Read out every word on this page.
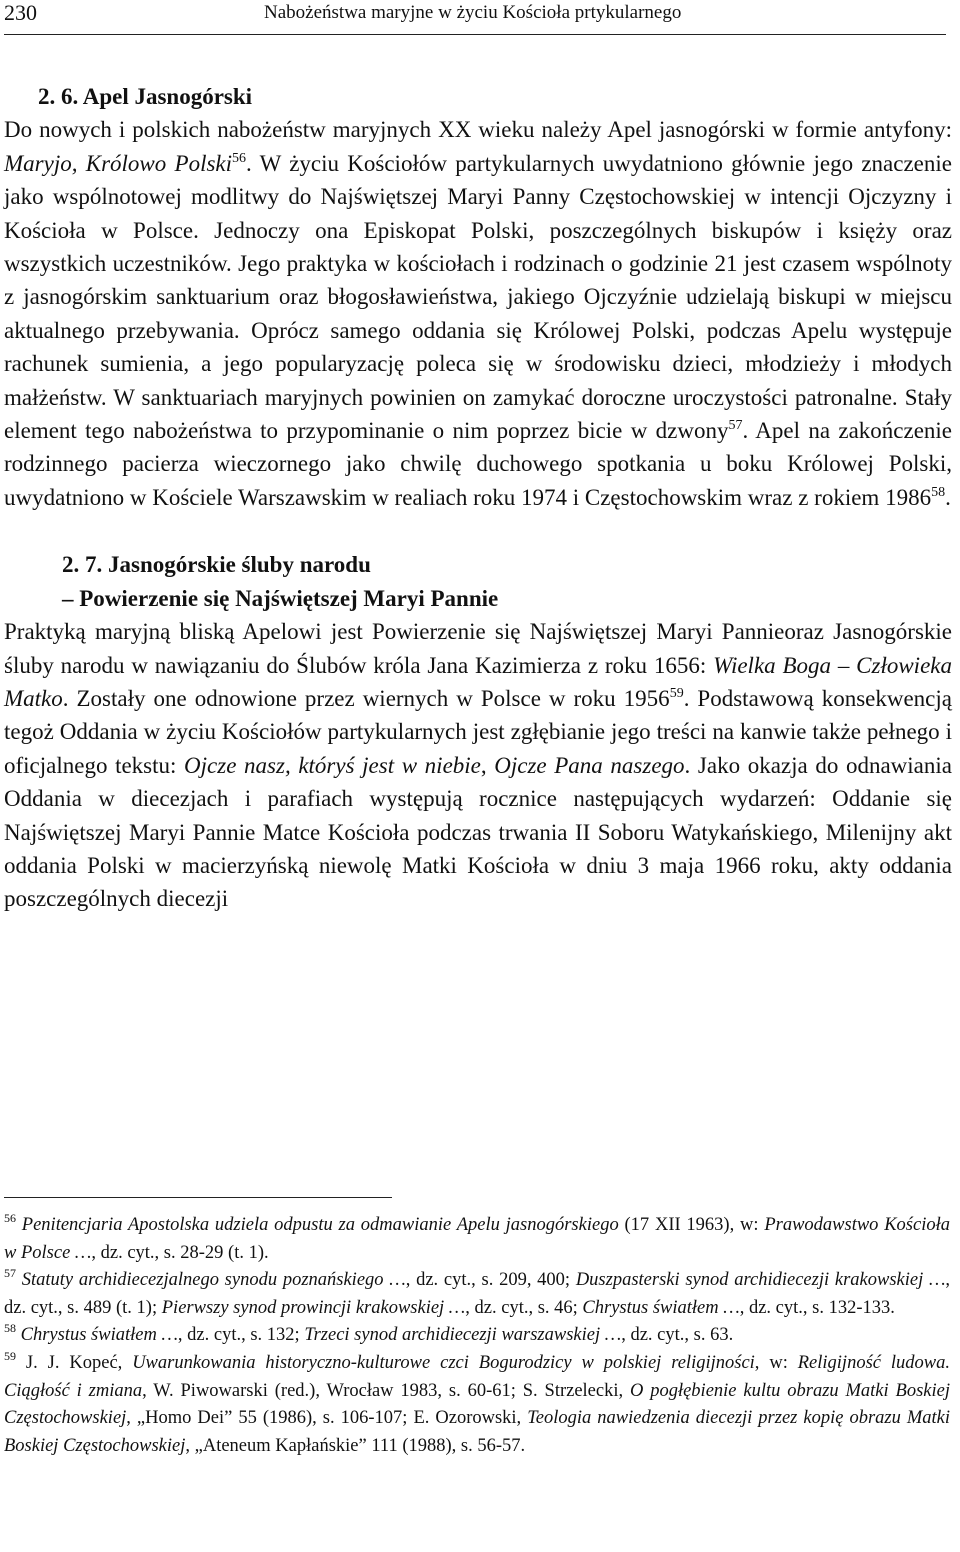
230	Nabożeństwa maryjne w życiu Kościoła prtykularnego
2. 6. Apel Jasnogórski

Do nowych i polskich nabożeństw maryjnych XX wieku należy Apel jasnogórski w formie antyfony: Maryjo, Królowo Polski$^{56}$. W życiu Kościołów partykularnych uwydatniono głównie jego znaczenie jako wspólnotowej modlitwy do Najświętszej Maryi Panny Częstochowskiej w intencji Ojczyzny i Kościoła w Polsce. Jednoczy ona Episkopat Polski, poszczególnych biskupów i księży oraz wszystkich uczestników. Jego praktyka w kościołach i rodzinach o godzinie 21 jest czasem wspólnoty z jasnogórskim sanktuarium oraz błogosławieństwa, jakiego Ojczyźnie udzielają biskupi w miejscu aktualnego przebywania. Oprócz samego oddania się Królowej Polski, podczas Apelu występuje rachunek sumienia, a jego popularyzację poleca się w środowisku dzieci, młodzieży i młodych małżeństw. W sanktuariach maryjnych powinien on zamykać doroczne uroczystości patronalne. Stały element tego nabożeństwa to przypominanie o nim poprzez bicie w dzwony$^{57}$. Apel na zakończenie rodzinnego pacierza wieczornego jako chwilę duchowego spotkania u boku Królowej Polski, uwydatniono w Kościele Warszawskim w realiach roku 1974 i Częstochowskim wraz z rokiem 1986$^{58}$.

2. 7. Jasnogórskie śluby narodu
– Powierzenie się Najświętszej Maryi Pannie

Praktyką maryjną bliską Apelowi jest Powierzenie się Najświętszej Maryi Pannieoraz Jasnogórskie śluby narodu w nawiązaniu do Ślubów króla Jana Kazimierza z roku 1656: Wielka Boga – Człowieka Matko. Zostały one odnowione przez wiernych w Polsce w roku 1956$^{59}$. Podstawową konsekwencją tegoż Oddania w życiu Kościołów partykularnych jest zgłębianie jego treści na kanwie także pełnego i oficjalnego tekstu: Ojcze nasz, któryś jest w niebie, Ojcze Pana naszego. Jako okazja do odnawiania Oddania w diecezjach i parafiach występują rocznice następujących wydarzeń: Oddanie się Najświętszej Maryi Pannie Matce Kościoła podczas trwania II Soboru Watykańskiego, Milenijny akt oddania Polski w macierzyńską niewolę Matki Kościoła w dniu 3 maja 1966 roku, akty oddania poszczególnych diecezji

$^{56}$ Penitencjaria Apostolska udziela odpustu za odmawianie Apelu jasnogórskiego (17 XII 1963), w: Prawodawstwo Kościoła w Polsce …, dz. cyt., s. 28-29 (t. 1).

$^{57}$ Statuty archidiecezjalnego synodu poznańskiego …, dz. cyt., s. 209, 400; Duszpasterski synod archidiecezji krakowskiej …, dz. cyt., s. 489 (t. 1); Pierwszy synod prowincji krakowskiej …, dz. cyt., s. 46; Chrystus światłem …, dz. cyt., s. 132-133.

$^{58}$ Chrystus światłem …, dz. cyt., s. 132; Trzeci synod archidiecezji warszawskiej …, dz. cyt., s. 63.

$^{59}$ J. J. Kopeć, Uwarunkowania historyczno-kulturowe czci Bogurodzicy w polskiej religijności, w: Religijność ludowa. Ciągłość i zmiana, W. Piwowarski (red.), Wrocław 1983, s. 60-61; S. Strzelecki, O pogłębienie kultu obrazu Matki Boskiej Częstochowskiej, „Homo Dei” 55 (1986), s. 106-107; E. Ozorowski, Teologia nawiedzenia diecezji przez kopię obrazu Matki Boskiej Częstochowskiej, „Ateneum Kapłańskie” 111 (1988), s. 56-57.
